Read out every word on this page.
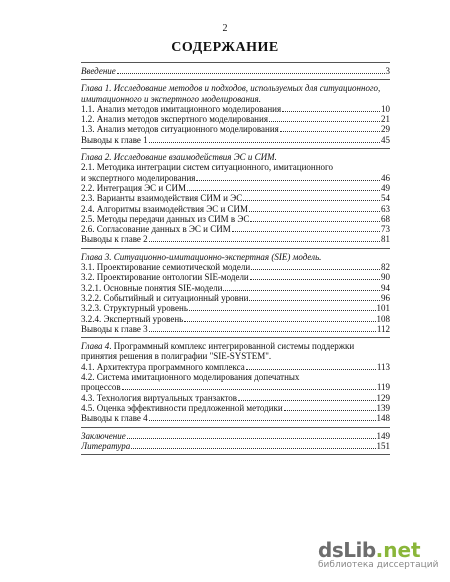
2
СОДЕРЖАНИЕ
Введение	3
Глава 1. Исследование методов и подходов, используемых для ситуационного, имитационного и экспертного моделирования.
1.1. Анализ методов имитационного моделирования	10
1.2. Анализ методов экспертного моделирования	21
1.3. Анализ методов ситуационного моделирования	29
Выводы к главе 1	45
Глава 2. Исследование взаимодействия ЭС и СИМ.
2.1. Методика интеграции систем ситуационного, имитационного
и экспертного моделирования	46
2.2. Интеграция ЭС и СИМ	49
2.3. Варианты взаимодействия СИМ и ЭС	54
2.4. Алгоритмы взаимодействия ЭС и СИМ	63
2.5. Методы передачи данных из СИМ в ЭС	68
2.6. Согласование данных в ЭС и СИМ	73
Выводы к главе 2	81
Глава 3. Ситуационно-имитационно-экспертная (SIE) модель.
3.1. Проектирование семиотической модели	82
3.2. Проектирование онтологии SIE-модели	90
3.2.1. Основные понятия SIE-модели	94
3.2.2. Событийный и ситуационный уровни	96
3.2.3. Структурный уровень	101
3.2.4. Экспертный уровень	108
Выводы к главе 3	112
Глава 4. Программный комплекс интегрированной системы поддержки принятия решения в полиграфии "SIE-SYSTEM".
4.1. Архитектура программного комплекса	113
4.2. Система имитационного моделирования допечатных
процессов	119
4.3. Технология виртуальных транзактов	129
4.5. Оценка эффективности предложенной методики	139
Выводы к главе 4	148
Заключение	149
Литература	151
dsLib .net
библиотека диссертаций
